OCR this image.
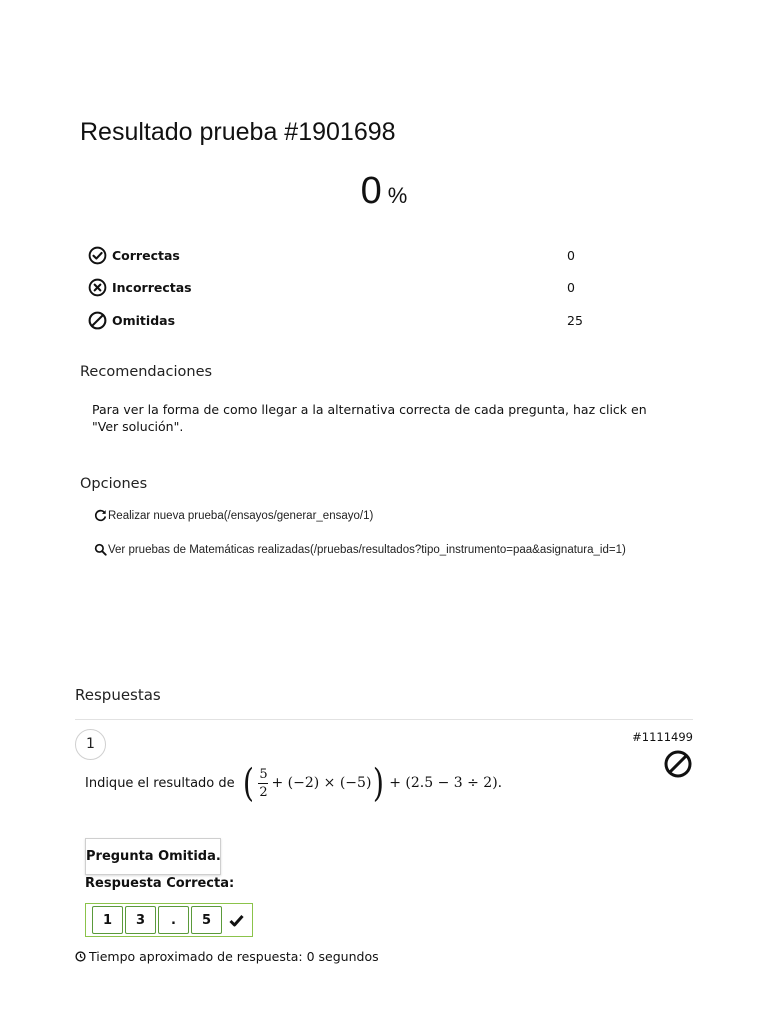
Resultado prueba #1901698
0 %
Correctas	0
Incorrectas	0
Omitidas	25
Recomendaciones
Para ver la forma de como llegar a la alternativa correcta de cada pregunta, haz click en "Ver solución".
Opciones
Realizar nueva prueba(/ensayos/generar_ensayo/1)
Ver pruebas de Matemáticas realizadas(/pruebas/resultados?tipo_instrumento=paa&asignatura_id=1)
Respuestas
1	#1111499
Indique el resultado de ( $\frac{5}{2} + (-2) \times (-5)$ ) + (2.5 − 3 ÷ 2).
Pregunta Omitida.
Respuesta Correcta:
1	3	.	5
Tiempo aproximado de respuesta: 0 segundos
